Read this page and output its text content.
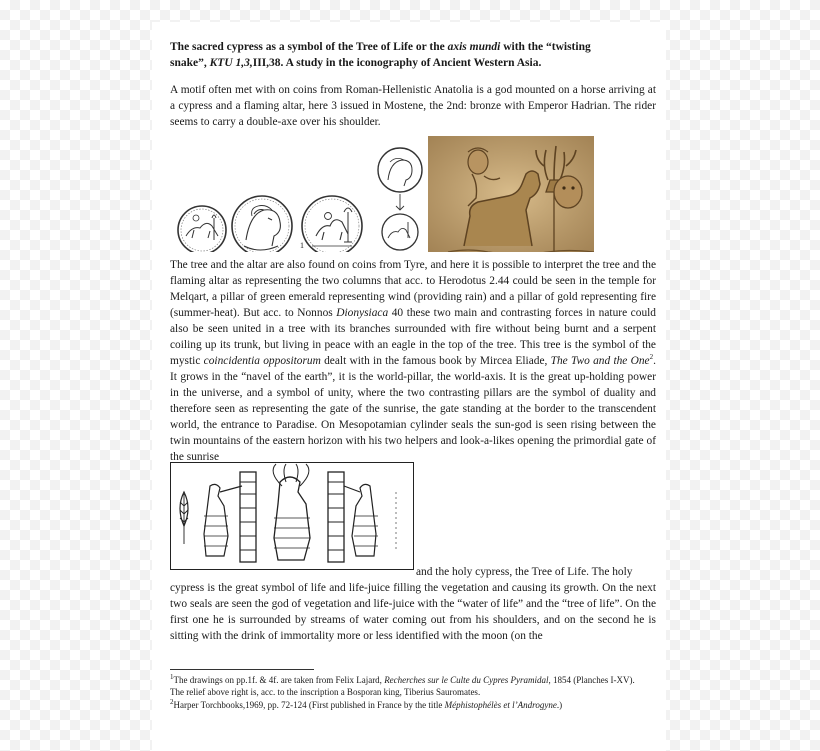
The sacred cypress as a symbol of the Tree of Life or the axis mundi with the “twisting snake”, KTU 1,3,III,38. A study in the iconography of Ancient Western Asia.
A motif often met with on coins from Roman-Hellenistic Anatolia is a god mounted on a horse arriving at a cypress and a flaming altar, here 3 issued in Mostene, the 2nd: bronze with Emperor Hadrian. The rider seems to carry a double-axe over his shoulder.
1
The tree and the altar are also found on coins from Tyre, and here it is possible to interpret the tree and the flaming altar as representing the two columns that acc. to Herodotus 2.44 could be seen in the temple for Melqart, a pillar of green emerald representing wind (providing rain) and a pillar of gold representing fire (summer-heat). But acc. to Nonnos Dionysiaca 40 these two main and contrasting forces in nature could also be seen united in a tree with its branches surrounded with fire without being burnt and a serpent coiling up its trunk, but living in peace with an eagle in the top of the tree. This tree is the symbol of the mystic coincidentia oppositorum dealt with in the famous book by Mircea Eliade, The Two and the One$^2$. It grows in the “navel of the earth”, it is the world-pillar, the world-axis. It is the great up-holding power in the universe, and a symbol of unity, where the two contrasting pillars are the symbol of duality and therefore seen as representing the gate of the sunrise, the gate standing at the border to the transcendent world, the entrance to Paradise. On Mesopotamian cylinder seals the sun-god is seen rising between the twin mountains of the eastern horizon with his two helpers and look-a-likes opening the primordial gate of the sunrise
and the holy cypress, the Tree of Life. The holy
cypress is the great symbol of life and life-juice filling the vegetation and causing its growth. On the next two seals are seen the god of vegetation and life-juice with the “water of life” and the “tree of life”. On the first one he is surrounded by streams of water coming out from his shoulders, and on the second he is sitting with the drink of immortality more or less identified with the moon (on the
$^1$The drawings on pp.1f. & 4f. are taken from Felix Lajard, Recherches sur le Culte du Cypres Pyramidal, 1854 (Planches I-XV). The relief above right is, acc. to the inscription a Bosporan king, Tiberius Sauromates.
$^2$Harper Torchbooks,1969, pp. 72-124 (First published in France by the title Méphistophélès et l’Androgyne.)
